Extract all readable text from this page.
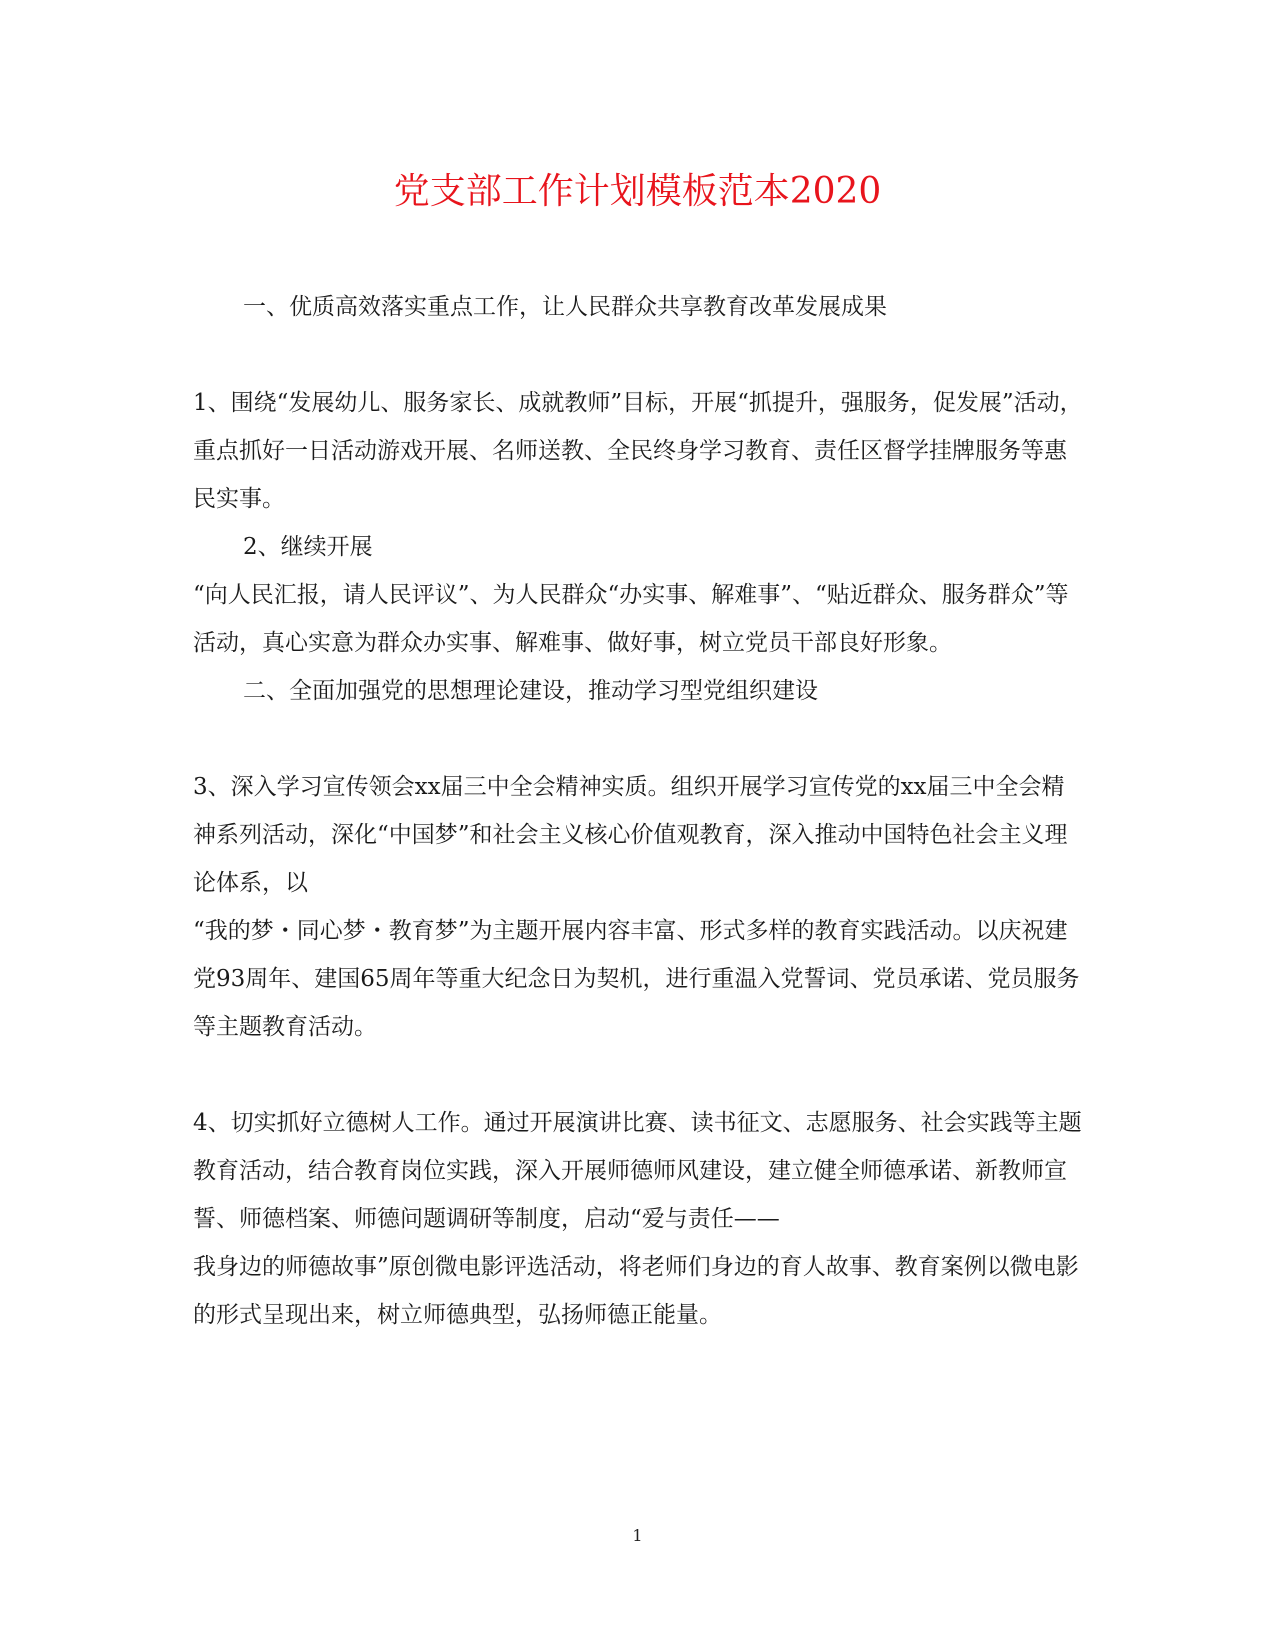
党支部工作计划模板范本2020

一、优质高效落实重点工作，让人民群众共享教育改革发展成果

1、围绕“发展幼儿、服务家长、成就教师”目标，开展“抓提升，强服务，促发展”活动，重点抓好一日活动游戏开展、名师送教、全民终身学习教育、责任区督学挂牌服务等惠民实事。

2、继续开展

“向人民汇报，请人民评议”、为人民群众“办实事、解难事”、“贴近群众、服务群众”等活动，真心实意为群众办实事、解难事、做好事，树立党员干部良好形象。

二、全面加强党的思想理论建设，推动学习型党组织建设

3、深入学习宣传领会xx届三中全会精神实质。组织开展学习宣传党的xx届三中全会精神系列活动，深化“中国梦”和社会主义核心价值观教育，深入推动中国特色社会主义理论体系，以

“我的梦・同心梦・教育梦”为主题开展内容丰富、形式多样的教育实践活动。以庆祝建党93周年、建国65周年等重大纪念日为契机，进行重温入党誓词、党员承诺、党员服务等主题教育活动。

4、切实抓好立德树人工作。通过开展演讲比赛、读书征文、志愿服务、社会实践等主题教育活动，结合教育岗位实践，深入开展师德师风建设，建立健全师德承诺、新教师宣誓、师德档案、师德问题调研等制度，启动“爱与责任——

我身边的师德故事”原创微电影评选活动，将老师们身边的育人故事、教育案例以微电影的形式呈现出来，树立师德典型，弘扬师德正能量。

1
